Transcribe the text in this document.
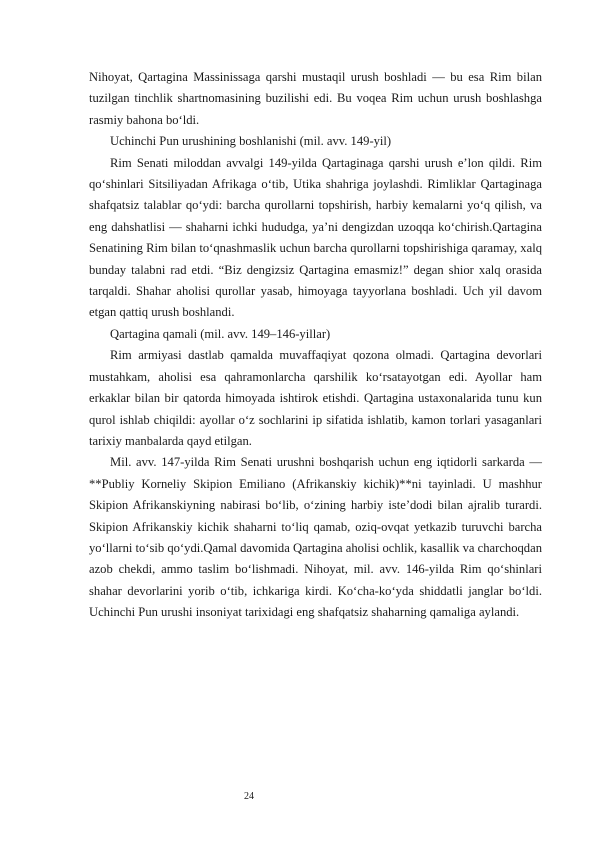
Nihoyat, Qartagina Massinissaga qarshi mustaqil urush boshladi — bu esa Rim bilan tuzilgan tinchlik shartnomasining buzilishi edi. Bu voqea Rim uchun urush boshlashga rasmiy bahona bo‘ldi.

Uchinchi Pun urushining boshlanishi (mil. avv. 149-yil)

Rim Senati miloddan avvalgi 149-yilda Qartaginaga qarshi urush e’lon qildi. Rim qo‘shinlari Sitsiliyadan Afrikaga o‘tib, Utika shahriga joylashdi. Rimliklar Qartaginaga shafqatsiz talablar qo‘ydi: barcha qurollarni topshirish, harbiy kemalarni yo‘q qilish, va eng dahshatlisi — shaharni ichki hududga, ya’ni dengizdan uzoqqa ko‘chirish.Qartagina Senatining Rim bilan to‘qnashmaslik uchun barcha qurollarni topshirishiga qaramay, xalq bunday talabni rad etdi. “Biz dengizsiz Qartagina emasmiz!” degan shior xalq orasida tarqaldi. Shahar aholisi qurollar yasab, himoyaga tayyorlana boshladi. Uch yil davom etgan qattiq urush boshlandi.

Qartagina qamali (mil. avv. 149–146-yillar)

Rim armiyasi dastlab qamalda muvaffaqiyat qozona olmadi. Qartagina devorlari mustahkam, aholisi esa qahramonlarcha qarshilik ko‘rsatayotgan edi. Ayollar ham erkaklar bilan bir qatorda himoyada ishtirok etishdi. Qartagina ustaxonalarida tunu kun qurol ishlab chiqildi: ayollar o‘z sochlarini ip sifatida ishlatib, kamon torlari yasaganlari tarixiy manbalarda qayd etilgan.

Mil. avv. 147-yilda Rim Senati urushni boshqarish uchun eng iqtidorli sarkarda — **Publiy Korneliy Skipion Emiliano (Afrikanskiy kichik)**ni tayinladi. U mashhur Skipion Afrikanskiyning nabirasi bo‘lib, o‘zining harbiy iste’dodi bilan ajralib turardi. Skipion Afrikanskiy kichik shaharni to‘liq qamab, oziq-ovqat yetkazib turuvchi barcha yo‘llarni to‘sib qo‘ydi.Qamal davomida Qartagina aholisi ochlik, kasallik va charchoqdan azob chekdi, ammo taslim bo‘lishmadi. Nihoyat, mil. avv. 146-yilda Rim qo‘shinlari shahar devorlarini yorib o‘tib, ichkariga kirdi. Ko‘cha-ko‘yda shiddatli janglar bo‘ldi. Uchinchi Pun urushi insoniyat tarixidagi eng shafqatsiz shaharning qamaliga aylandi.

24
